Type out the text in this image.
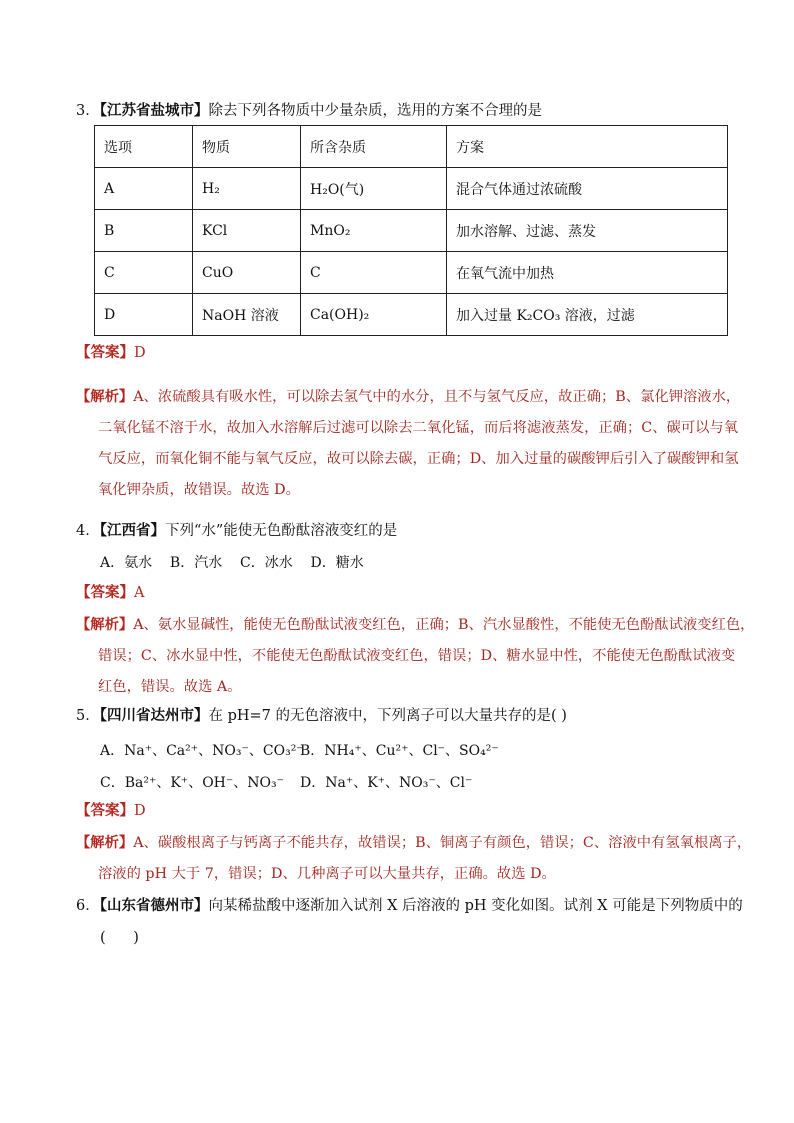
3．【江苏省盐城市】除去下列各物质中少量杂质，选用的方案不合理的是
选项	物质	所含杂质	方案
A	H₂	H₂O(气)	混合气体通过浓硫酸
B	KCl	MnO₂	加水溶解、过滤、蒸发
C	CuO	C	在氧气流中加热
D	NaOH 溶液	Ca(OH)₂	加入过量 K₂CO₃ 溶液，过滤
【答案】D
【解析】A、浓硫酸具有吸水性，可以除去氢气中的水分，且不与氢气反应，故正确；B、氯化钾溶液水，
二氧化锰不溶于水，故加入水溶解后过滤可以除去二氧化锰，而后将滤液蒸发，正确；C、碳可以与氧
气反应，而氧化铜不能与氧气反应，故可以除去碳，正确；D、加入过量的碳酸钾后引入了碳酸钾和氢
氧化钾杂质，故错误。故选 D。
4．【江西省】下列“水”能使无色酚酞溶液变红的是
A．氨水    B．汽水    C．冰水    D．糖水
【答案】A
【解析】A、氨水显碱性，能使无色酚酞试液变红色，正确；B、汽水显酸性，不能使无色酚酞试液变红色，
错误；C、冰水显中性，不能使无色酚酞试液变红色，错误；D、糖水显中性，不能使无色酚酞试液变
红色，错误。故选 A。
5．【四川省达州市】在 pH=7 的无色溶液中，下列离子可以大量共存的是( )
A．Na⁺、Ca²⁺、NO₃⁻、CO₃²⁻
B．NH₄⁺、Cu²⁺、Cl⁻、SO₄²⁻
C．Ba²⁺、K⁺、OH⁻、NO₃⁻ D．Na⁺、K⁺、NO₃⁻、Cl⁻
【答案】D
【解析】A、碳酸根离子与钙离子不能共存，故错误；B、铜离子有颜色，错误；C、溶液中有氢氧根离子，
溶液的 pH 大于 7，错误；D、几种离子可以大量共存，正确。故选 D。
6．【山东省德州市】向某稀盐酸中逐渐加入试剂 X 后溶液的 pH 变化如图。试剂 X 可能是下列物质中的
(      )
